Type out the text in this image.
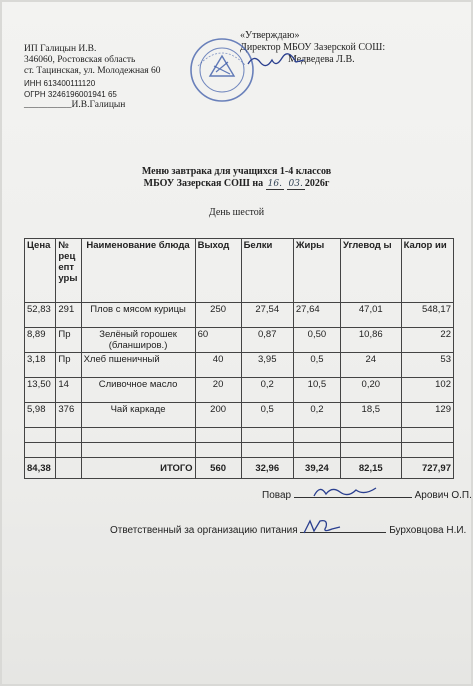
ИП Галицын И.В.
346060, Ростовская область
ст. Тацинская, ул. Молодежная 60
ИНН 613400111120
ОГРН 3246196001941 65
__________И.В.Галицын
«Утверждаю»
Директор МБОУ Зазерской СОШ:
Медведева Л.В.
Меню завтрака для учащихся 1-4 классов
МБОУ Зазерская СОШ на 16. 03. 2026г
День шестой
Цена	№ рец епт уры	Наименование блюда	Выход	Белки	Жиры	Углевод ы	Калор ии
52,83	291	Плов с мясом курицы	250	27,54	27,64	47,01	548,17
8,89	Пр	Зелёный горошек (бланширов.)	60	0,87	0,50	10,86	22
3,18	Пр	Хлеб пшеничный	40	3,95	0,5	24	53
13,50	14	Сливочное масло	20	0,2	10,5	0,20	102
5,98	376	Чай каркаде	200	0,5	0,2	18,5	129

84,38		ИТОГО	560	32,96	39,24	82,15	727,97
Повар	Арович О.П.
Ответственный за организацию питания	Бурховцова Н.И.
